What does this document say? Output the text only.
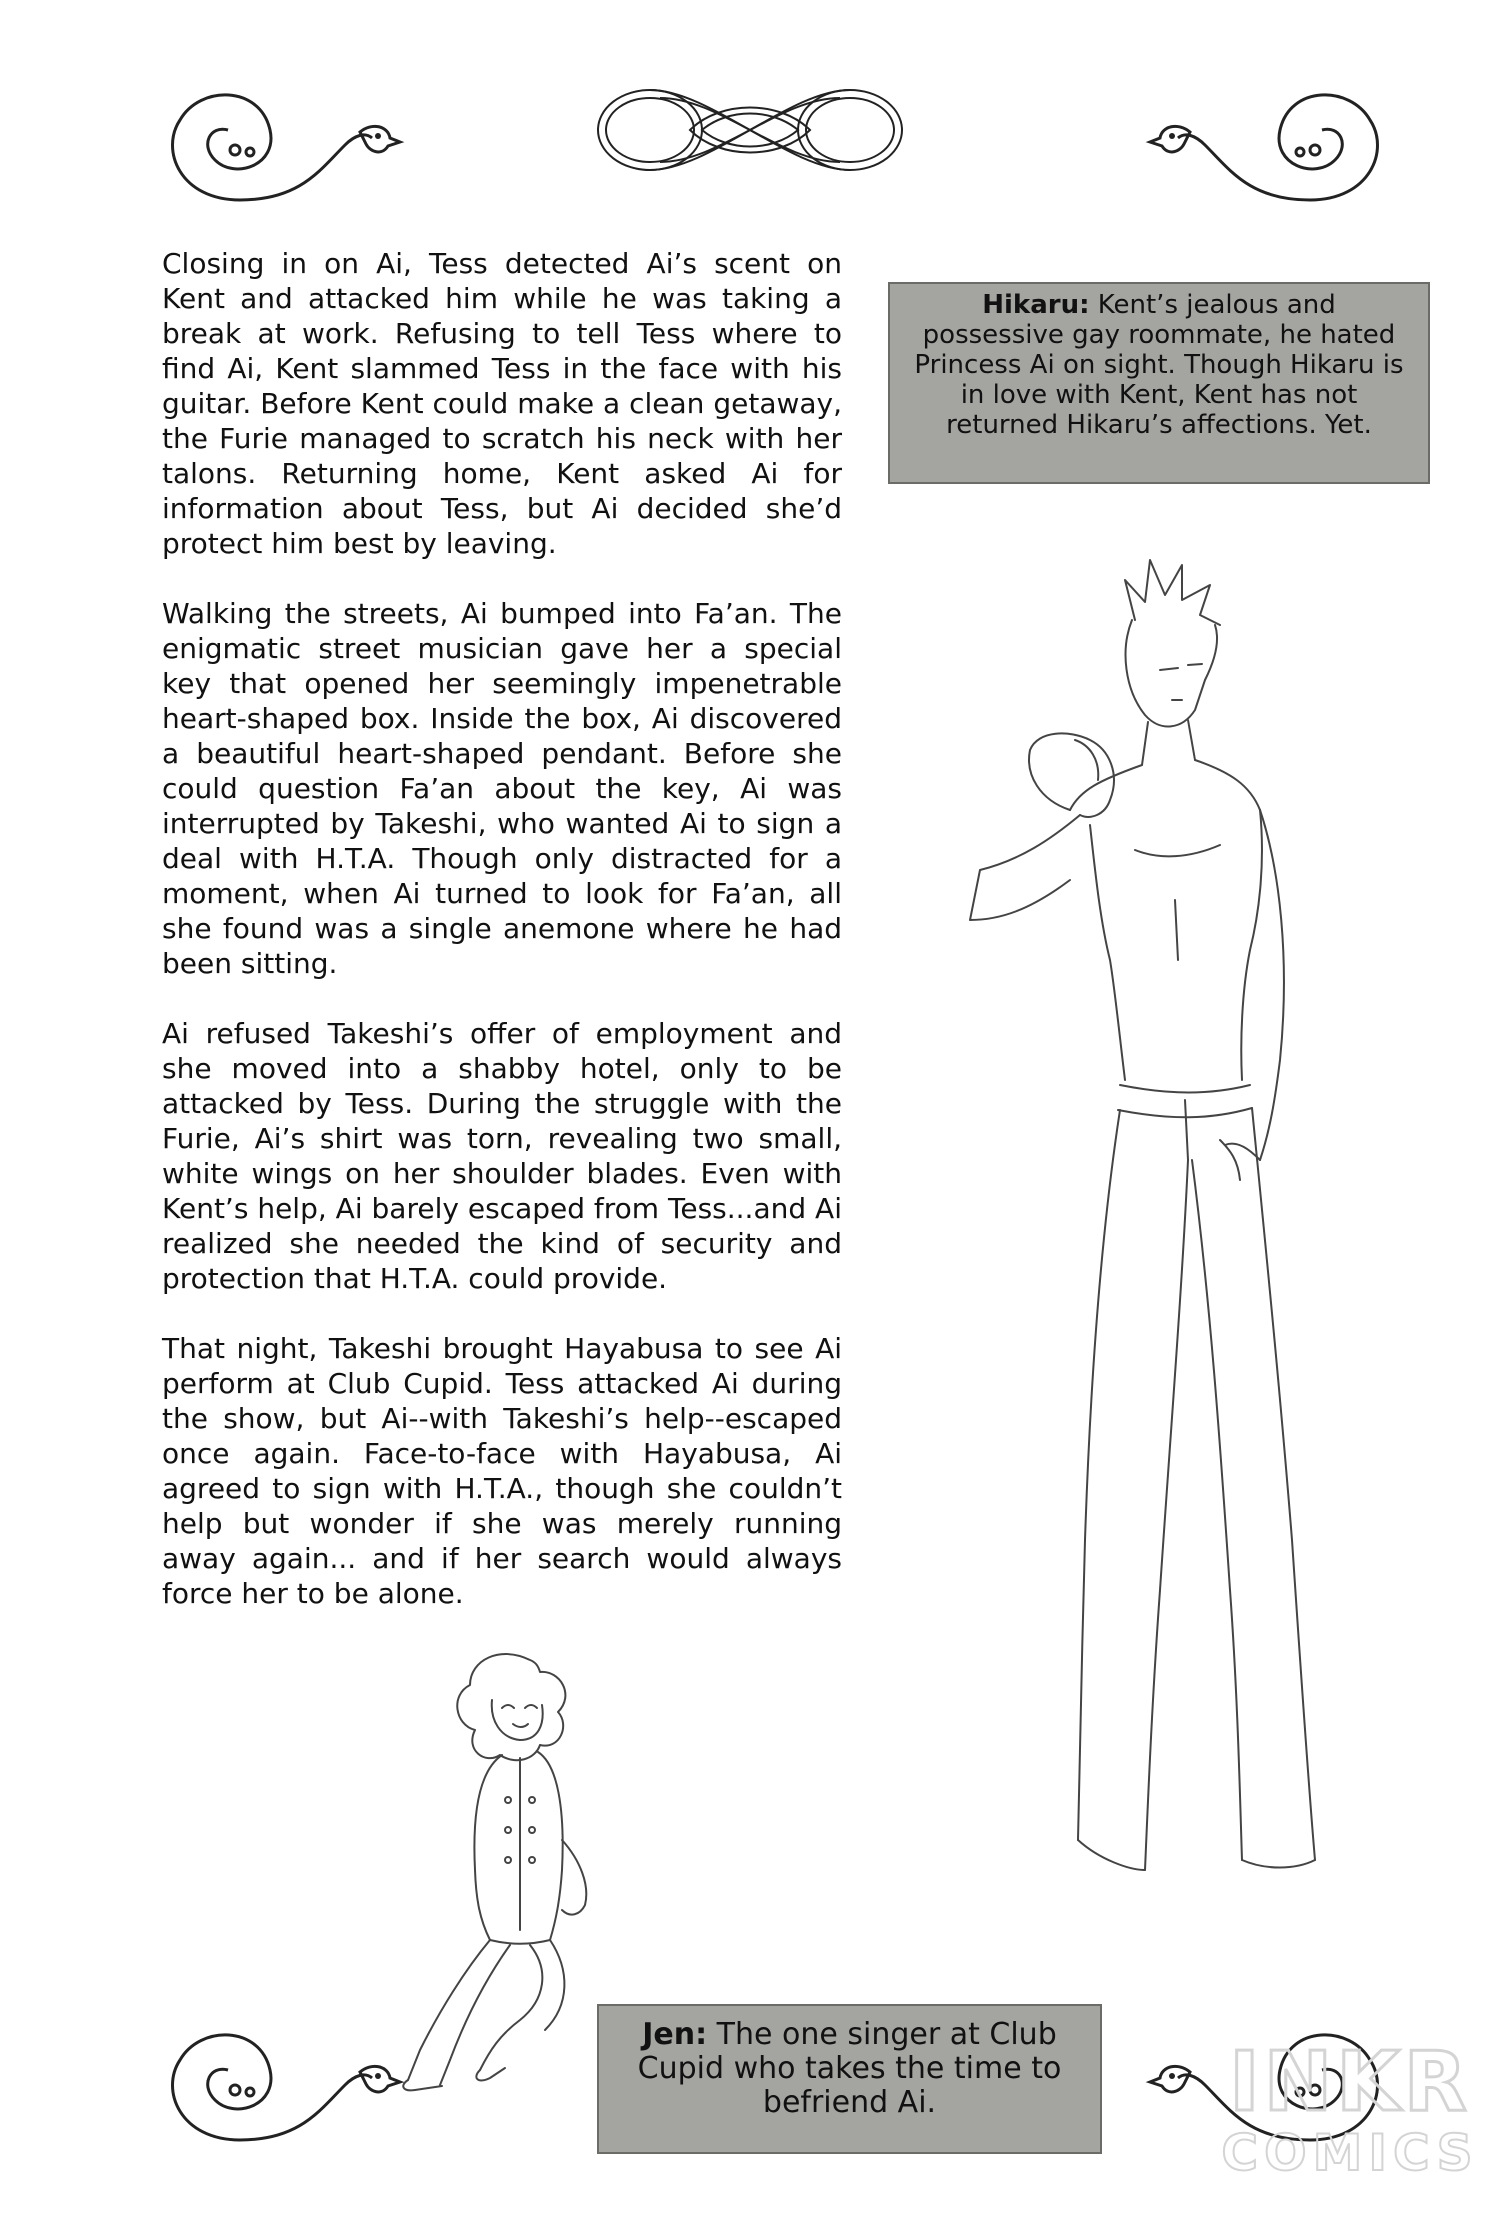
Closing in on Ai, Tess detected Ai’s scent on Kent and attacked him while he was taking a break at work. Refusing to tell Tess where to find Ai, Kent slammed Tess in the face with his guitar. Before Kent could make a clean getaway, the Furie managed to scratch his neck with her talons. Returning home, Kent asked Ai for information about Tess, but Ai decided she’d protect him best by leaving.

Walking the streets, Ai bumped into Fa’an. The enigmatic street musician gave her a special key that opened her seemingly impenetrable heart-shaped box. Inside the box, Ai discovered a beautiful heart-shaped pendant. Before she could question Fa’an about the key, Ai was interrupted by Takeshi, who wanted Ai to sign a deal with H.T.A. Though only distracted for a moment, when Ai turned to look for Fa’an, all she found was a single anemone where he had been sitting.

Ai refused Takeshi’s offer of employment and she moved into a shabby hotel, only to be attacked by Tess. During the struggle with the Furie, Ai’s shirt was torn, revealing two small, white wings on her shoulder blades. Even with Kent’s help, Ai barely escaped from Tess...and Ai realized she needed the kind of security and protection that H.T.A. could provide.

That night, Takeshi brought Hayabusa to see Ai perform at Club Cupid. Tess attacked Ai during the show, but Ai--with Takeshi’s help--escaped once again. Face-to-face with Hayabusa, Ai agreed to sign with H.T.A., though she couldn’t help but wonder if she was merely running away again... and if her search would always force her to be alone.

Hikaru: Kent’s jealous and possessive gay roommate, he hated Princess Ai on sight. Though Hikaru is in love with Kent, Kent has not returned Hikaru’s affections. Yet.
Jen: The one singer at Club Cupid who takes the time to befriend Ai.	INKR
COMICS
